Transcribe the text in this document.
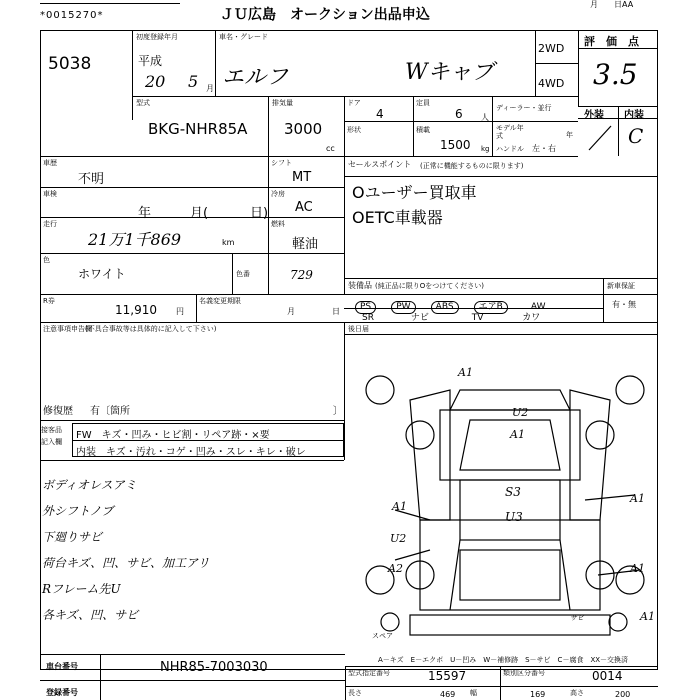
*0015270*	ＪＵ広島　オークション出品申込
月　　日AA
5038
初度登録年月
平成
20 5 月
車名・グレード
エルフ	Wキャブ
2WD
4WD
評　価　点
3.5
型式
BKG-NHR85A
排気量
3000
cc
ドア
4
定員
6 人
ディーラー・並行
形状	積載
1500 kg
モデル年式	年
ハンドル 左・右
外装 内装
C
車歴
不明
シフト
MT
車検
年	月(	日)
冷房
AC
走行
21万1千869	km
燃料
軽油
色
ホワイト	色番	729
セールスポイント (正常に機能するものに限ります)
Oユーザー買取車
OETC車載器
装備品 (純正品に限りOをつけてください)
PS	PW	ABS	エアB	AW
SR	ナビ	TV	カワ
新車保証
有・無
R券
11,910 円
名義変更期限
月	日
注意事項申告欄
(不具合事故等は具体的に記入して下さい)	後日届
修復歴 有〔箇所	〕
接客品
記入欄
FW　キズ・凹み・ヒビ割・リペア跡・×要
内装　キズ・汚れ・コゲ・凹み・スレ・キレ・破レ
ボディオレスアミ
外シフトノブ
下廻りサビ
荷台キズ、凹、サビ、加工アリ
Rフレーム先U
各キズ、凹、サビ
A1
U2
A1
S3
U3
A1
A1
A1
U2
A2
A1
スペア
サビ
A－キズ　E－エクボ　U－凹み　W－補修跡　S－サビ　C－腐食　XX－交換済
車台番号	NHR85-7003030
登録番号
型式指定番号	15597	類別区分番号	0014
長さ	469 幅	169	高さ	200
